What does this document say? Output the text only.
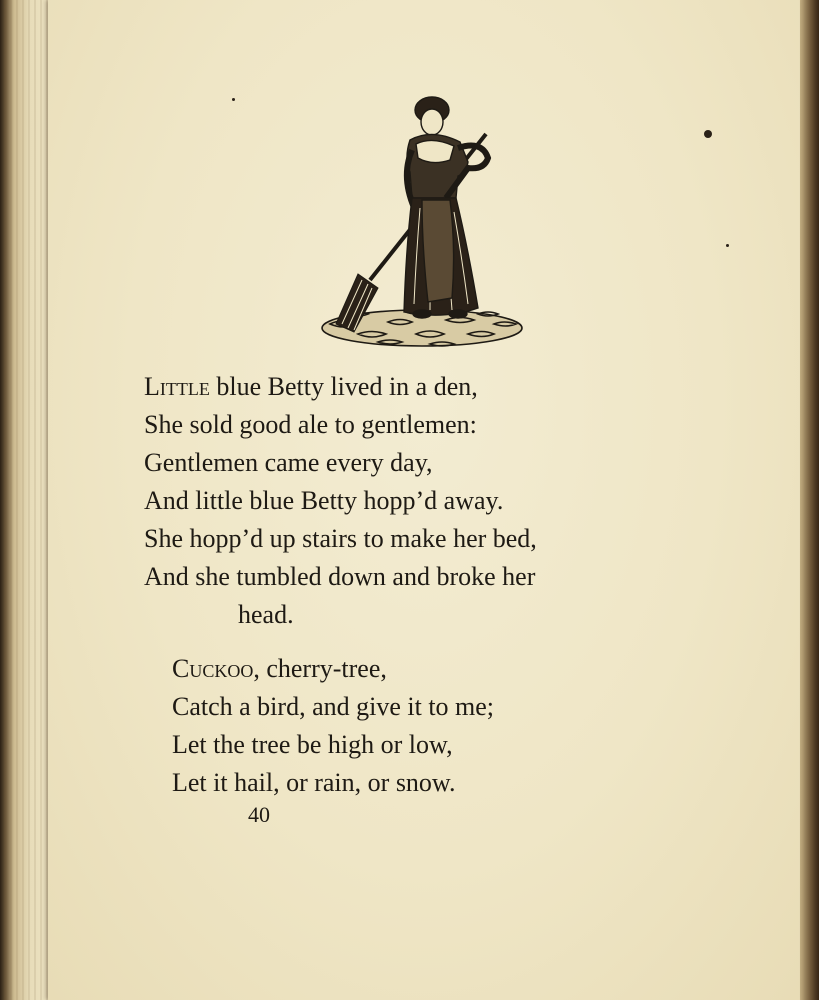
Little blue Betty lived in a den,
She sold good ale to gentlemen:
Gentlemen came every day,
And little blue Betty hopp’d away.
She hopp’d up stairs to make her bed,
And she tumbled down and broke her
head.
Cuckoo, cherry-tree,
Catch a bird, and give it to me;
Let the tree be high or low,
Let it hail, or rain, or snow.
40
